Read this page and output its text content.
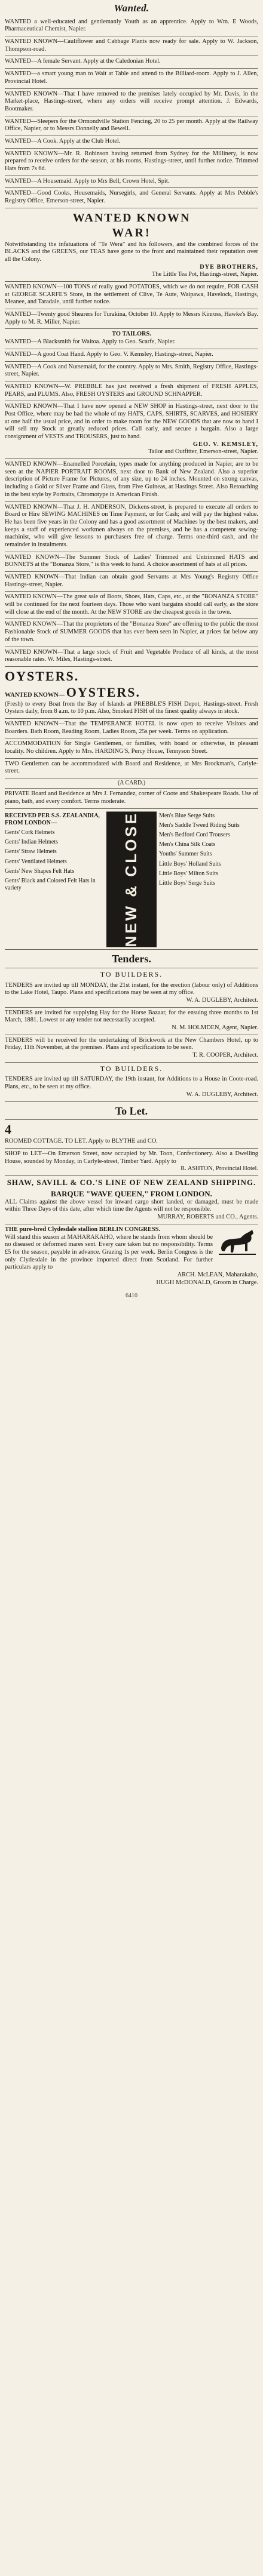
Wanted.
WANTED a well-educated and gentlemanly Youth as an apprentice. Apply to Wm. E Woods, Pharmaceutical Chemist, Napier.
WANTED KNOWN—Cauliflower and Cabbage Plants now ready for sale. Apply to W. Jackson, Thompson-road.
WANTED—A female Servant. Apply at the Caledonian Hotel.
WANTED—a smart young man to Wait at Table and attend to the Billiard-room. Apply to J. Allen, Provincial Hotel.
WANTED KNOWN—That I have removed to the premises lately occupied by Mr. Davis, in the Market-place, Hastings-street, where any orders will receive prompt attention. J. Edwards, Bootmaker.
WANTED—Sleepers for the Ormondville Station Fencing, 20 to 25 per month. Apply at the Railway Office, Napier, or to Messrs Donnelly and Bewell.
WANTED—A Cook. Apply at the Club Hotel.
WANTED KNOWN—Mr. R. Robinson having returned from Sydney for the Millinery, is now prepared to receive orders for the season, at his rooms, Hastings-street, until further notice. Trimmed Hats from 7s 6d.
WANTED—A Housemaid. Apply to Mrs Bell, Crown Hotel, Spit.
WANTED—Good Cooks, Housemaids, Nursegirls, and General Servants. Apply at Mrs Pebble's Registry Office, Emerson-street, Napier.
WANTED KNOWN
WAR!
Notwithstanding the infatuations of "Te Wera" and his followers, and the combined forces of the BLACKS and the GREENS, our TEAS have gone to the front and maintained their reputation over all the Colony.
DYE BROTHERS,
The Little Tea Pot, Hastings-street, Napier.
WANTED KNOWN—100 TONS of really good POTATOES, which we do not require, FOR CASH at GEORGE SCARFE'S Store, in the settlement of Clive, Te Aute, Waipawa, Havelock, Hastings, Meanee, and Taradale, until further notice.
WANTED—Twenty good Shearers for Turakina, October 10. Apply to Messrs Kinross, Hawke's Bay. Apply to M. R. Miller, Napier.
TO TAILORS.
WANTED—A Blacksmith for Waitoa. Apply to Geo. Scarfe, Napier.
WANTED—A good Coat Hand. Apply to Geo. V. Kemsley, Hastings-street, Napier.
WANTED—A Cook and Nursemaid, for the country. Apply to Mrs. Smith, Registry Office, Hastings-street, Napier.
WANTED KNOWN—W. PREBBLE has just received a fresh shipment of FRESH APPLES, PEARS, and PLUMS. Also, FRESH OYSTERS and GROUND SCHNAPPER.
WANTED KNOWN—That I have now opened a NEW SHOP in Hastings-street, next door to the Post Office, where may be had the whole of my HATS, CAPS, SHIRTS, SCARVES, and HOSIERY at one half the usual price, and in order to make room for the NEW GOODS that are now to hand I will sell my Stock at greatly reduced prices. Call early, and secure a bargain. Also a large consignment of VESTS and TROUSERS, just to hand.
GEO. V. KEMSLEY,
Tailor and Outfitter, Emerson-street, Napier.
WANTED KNOWN—Enamelled Porcelain, types made for anything produced in Napier, are to be seen at the NAPIER PORTRAIT ROOMS, next door to Bank of New Zealand. Also a superior description of Picture Frame for Pictures, of any size, up to 24 inches. Mounted on strong canvas, including a Gold or Silver Frame and Glass, from Five Guineas, at Hastings Street. Also Retouching in the best style by Portraits, Chromotype in American Finish.
WANTED KNOWN—That J. H. ANDERSON, Dickens-street, is prepared to execute all orders to Board or Hire SEWING MACHINES on Time Payment, or for Cash; and will pay the highest value. He has been five years in the Colony and has a good assortment of Machines by the best makers, and keeps a staff of experienced workmen always on the premises, and he has a competent sewing-machinist, who will give lessons to purchasers free of charge. Terms one-third cash, and the remainder in instalments.
WANTED KNOWN—The Summer Stock of Ladies' Trimmed and Untrimmed HATS and BONNETS at the "Bonanza Store," is this week to hand. A choice assortment of hats at all prices.
WANTED KNOWN—That Indian can obtain good Servants at Mrs Young's Registry Office Hastings-street, Napier.
WANTED KNOWN—The great sale of Boots, Shoes, Hats, Caps, etc., at the "BONANZA STORE" will be continued for the next fourteen days. Those who want bargains should call early, as the store will close at the end of the month. At the NEW STORE are the cheapest goods in the town.
WANTED KNOWN—That the proprietors of the "Bonanza Store" are offering to the public the most Fashionable Stock of SUMMER GOODS that has ever been seen in Napier, at prices far below any of the town.
WANTED KNOWN—That a large stock of Fruit and Vegetable Produce of all kinds, at the most reasonable rates. W. Miles, Hastings-street.
OYSTERS.
WANTED KNOWN— OYSTERS.
(Fresh) to every Boat from the Bay of Islands at PREBBLE'S FISH Depot, Hastings-street. Fresh Oysters daily, from 8 a.m. to 10 p.m. Also, Smoked FISH of the finest quality always in stock.
WANTED KNOWN—That the TEMPERANCE HOTEL is now open to receive Visitors and Boarders. Bath Room, Reading Room, Ladies Room, 25s per week. Terms on application.
ACCOMMODATION for Single Gentlemen, or families, with board or otherwise, in pleasant locality. No children. Apply to Mrs. HARDING'S, Percy House, Tennyson Street.
TWO Gentlemen can be accommodated with Board and Residence, at Mrs Brockman's, Carlyle-street.
(A CARD.)
PRIVATE Board and Residence at Mrs J. Fernandez, corner of Coote and Shakespeare Roads. Use of piano, bath, and every comfort. Terms moderate.
RECEIVED PER S.S. ZEALANDIA, FROM LONDON—
Gents' Cork Helmets
Gents' Indian Helmets
Gents' Straw Helmets
Gents' Ventilated Helmets
Gents' New Shapes Felt Hats
Gents' Black and Colored Felt Hats in variety	NEW & CLOSE	Men's Blue Serge Suits
Men's Saddle Tweed Riding Suits
Men's Bedford Cord Trousers
Men's China Silk Coats
Youths' Summer Suits
Little Boys' Holland Suits
Little Boys' Milton Suits
Little Boys' Serge Suits
Tenders.
TO BUILDERS.
TENDERS are invited up till MONDAY, the 21st instant, for the erection (labour only) of Additions to the Lake Hotel, Taupo. Plans and specifications may be seen at my office.
W. A. DUGLEBY, Architect.
TENDERS are invited for supplying Hay for the Horse Bazaar, for the ensuing three months to 1st March, 1881. Lowest or any tender not necessarily accepted.
N. M. HOLMDEN, Agent, Napier.
TENDERS will be received for the undertaking of Brickwork at the New Chambers Hotel, up to Friday, 11th November, at the premises. Plans and specifications to be seen.
T. R. COOPER, Architect.
TO BUILDERS.
TENDERS are invited up till SATURDAY, the 19th instant, for Additions to a House in Coote-road. Plans, etc., to be seen at my office.
W. A. DUGLEBY, Architect.
To Let.
4
ROOMED COTTAGE. TO LET. Apply to BLYTHE and CO.
SHOP to LET—On Emerson Street, now occupied by Mr. Toon, Confectionery. Also a Dwelling House, sounded by Monday, in Carlyle-street, Timber Yard. Apply to
R. ASHTON, Provincial Hotel.
SHAW, SAVILL & CO.'S LINE OF NEW ZEALAND SHIPPING.
BARQUE "WAVE QUEEN," FROM LONDON.
ALL Claims against the above vessel for inward cargo short landed, or damaged, must be made within Three Days of this date, after which time the Agents will not be responsible.
MURRAY, ROBERTS and CO., Agents.
THE pure-bred Clydesdale stallion BERLIN CONGRESS.
Will stand this season at MAHARAKAHO, where he stands from whom should be no diseased or deformed mares sent. Every care taken but no responsibility. Terms £5 for the season, payable in advance. Grazing 1s per week. Berlin Congress is the only Clydesdale in the province imported direct from Scotland. For further particulars apply to
ARCH. McLEAN, Maharakaho,
HUGH McDONALD, Groom in Charge.
6410
